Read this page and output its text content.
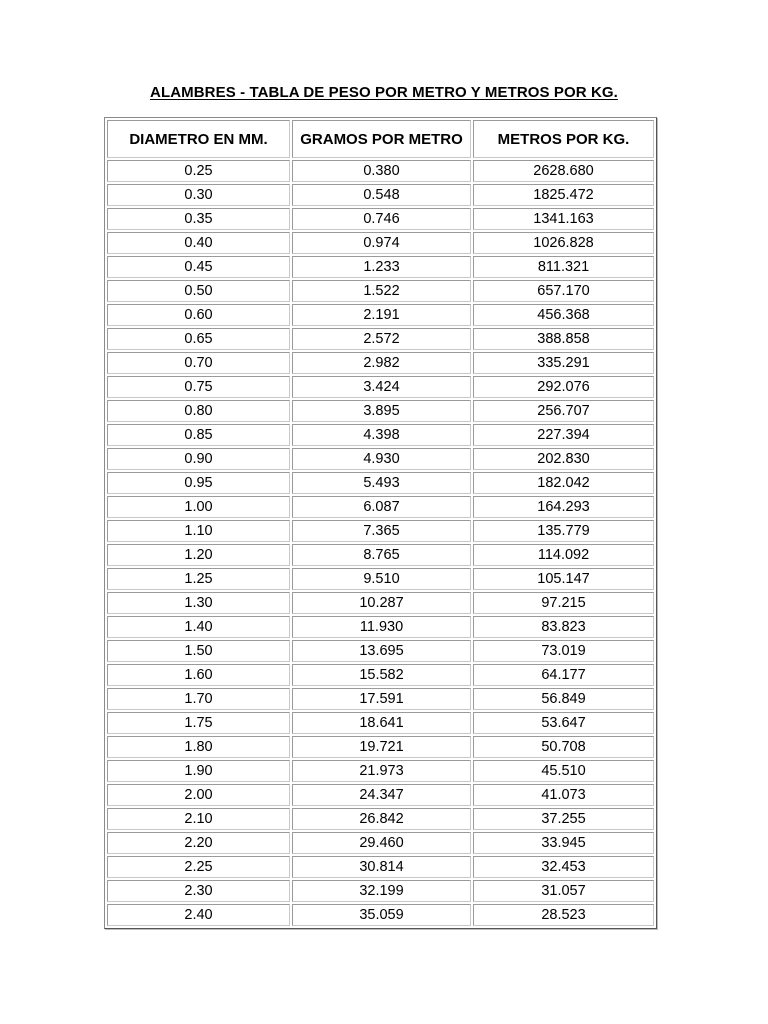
ALAMBRES - TABLA DE PESO POR METRO Y METROS POR KG.
DIAMETRO EN MM.	GRAMOS POR METRO	METROS POR KG.
0.25	0.380	2628.680
0.30	0.548	1825.472
0.35	0.746	1341.163
0.40	0.974	1026.828
0.45	1.233	811.321
0.50	1.522	657.170
0.60	2.191	456.368
0.65	2.572	388.858
0.70	2.982	335.291
0.75	3.424	292.076
0.80	3.895	256.707
0.85	4.398	227.394
0.90	4.930	202.830
0.95	5.493	182.042
1.00	6.087	164.293
1.10	7.365	135.779
1.20	8.765	114.092
1.25	9.510	105.147
1.30	10.287	97.215
1.40	11.930	83.823
1.50	13.695	73.019
1.60	15.582	64.177
1.70	17.591	56.849
1.75	18.641	53.647
1.80	19.721	50.708
1.90	21.973	45.510
2.00	24.347	41.073
2.10	26.842	37.255
2.20	29.460	33.945
2.25	30.814	32.453
2.30	32.199	31.057
2.40	35.059	28.523
